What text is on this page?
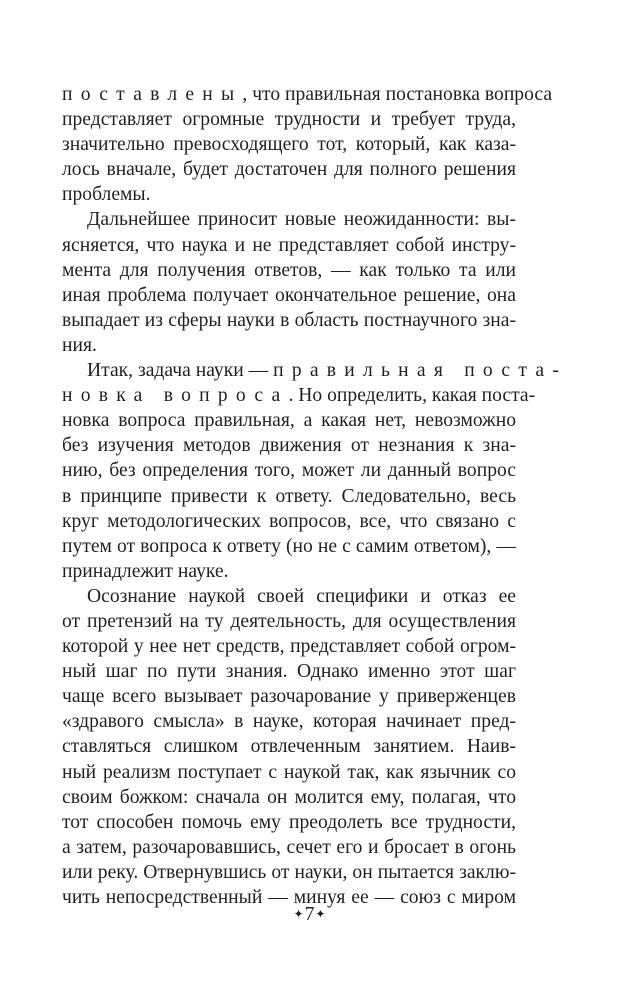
поставлены, что правильная постановка вопроса
представляет огромные трудности и требует труда,
значительно превосходящего тот, который, как каза-
лось вначале, будет достаточен для полного решения
проблемы.
Дальнейшее приносит новые неожиданности: вы-
ясняется, что наука и не представляет собой инстру-
мента для получения ответов, — как только та или
иная проблема получает окончательное решение, она
выпадает из сферы науки в область постнаучного зна-
ния.
Итак, задача науки — правильная поста-
новка вопроса. Но определить, какая поста-
новка вопроса правильная, а какая нет, невозможно
без изучения методов движения от незнания к зна-
нию, без определения того, может ли данный вопрос
в принципе привести к ответу. Следовательно, весь
круг методологических вопросов, все, что связано с
путем от вопроса к ответу (но не с самим ответом), —
принадлежит науке.
Осознание наукой своей специфики и отказ ее
от претензий на ту деятельность, для осуществления
которой у нее нет средств, представляет собой огром-
ный шаг по пути знания. Однако именно этот шаг
чаще всего вызывает разочарование у приверженцев
«здравого смысла» в науке, которая начинает пред-
ставляться слишком отвлеченным занятием. Наив-
ный реализм поступает с наукой так, как язычник со
своим божком: сначала он молится ему, полагая, что
тот способен помочь ему преодолеть все трудности,
а затем, разочаровавшись, сечет его и бросает в огонь
или реку. Отвернувшись от науки, он пытается заклю-
чить непосредственный — минуя ее — союз с миром
✦7✦
